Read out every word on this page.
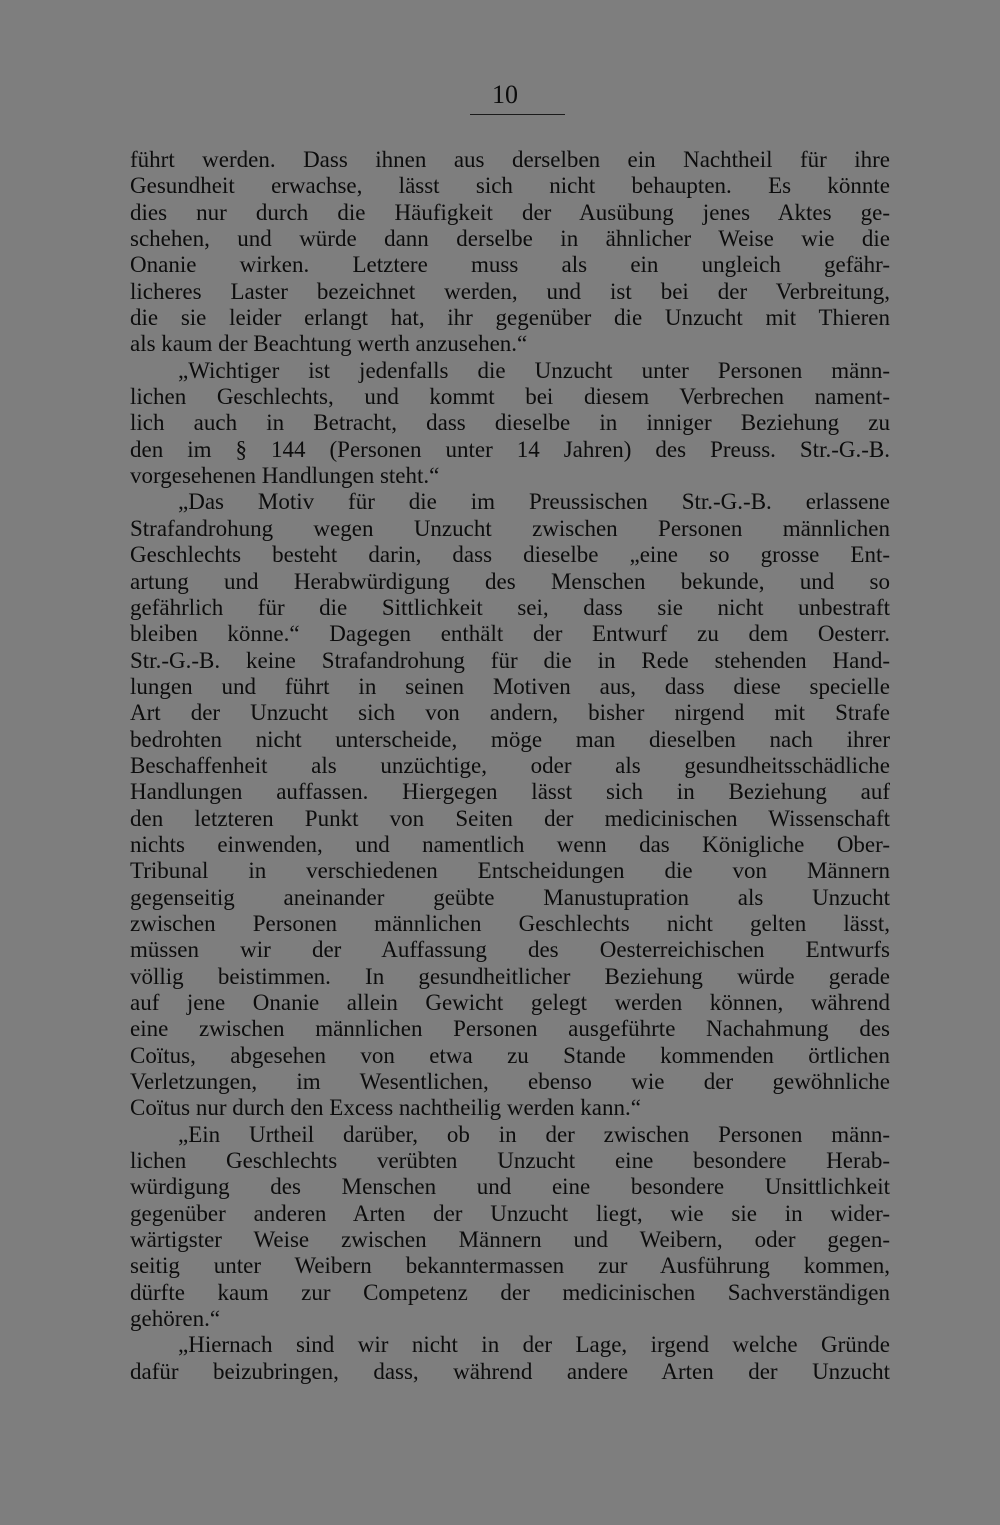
10
führt werden. Dass ihnen aus derselben ein Nachtheil für ihre
Gesundheit erwachse, lässt sich nicht behaupten. Es könnte
dies nur durch die Häufigkeit der Ausübung jenes Aktes ge-
schehen, und würde dann derselbe in ähnlicher Weise wie die
Onanie wirken. Letztere muss als ein ungleich gefähr-
licheres Laster bezeichnet werden, und ist bei der Verbreitung,
die sie leider erlangt hat, ihr gegenüber die Unzucht mit Thieren
als kaum der Beachtung werth anzusehen.“
„Wichtiger ist jedenfalls die Unzucht unter Personen männ-
lichen Geschlechts, und kommt bei diesem Verbrechen nament-
lich auch in Betracht, dass dieselbe in inniger Beziehung zu
den im § 144 (Personen unter 14 Jahren) des Preuss. Str.-G.-B.
vorgesehenen Handlungen steht.“
„Das Motiv für die im Preussischen Str.-G.-B. erlassene
Strafandrohung wegen Unzucht zwischen Personen männlichen
Geschlechts besteht darin, dass dieselbe „eine so grosse Ent-
artung und Herabwürdigung des Menschen bekunde, und so
gefährlich für die Sittlichkeit sei, dass sie nicht unbestraft
bleiben könne.“ Dagegen enthält der Entwurf zu dem Oesterr.
Str.-G.-B. keine Strafandrohung für die in Rede stehenden Hand-
lungen und führt in seinen Motiven aus, dass diese specielle
Art der Unzucht sich von andern, bisher nirgend mit Strafe
bedrohten nicht unterscheide, möge man dieselben nach ihrer
Beschaffenheit als unzüchtige, oder als gesundheitsschädliche
Handlungen auffassen. Hiergegen lässt sich in Beziehung auf
den letzteren Punkt von Seiten der medicinischen Wissenschaft
nichts einwenden, und namentlich wenn das Königliche Ober-
Tribunal in verschiedenen Entscheidungen die von Männern
gegenseitig aneinander geübte Manustupration als Unzucht
zwischen Personen männlichen Geschlechts nicht gelten lässt,
müssen wir der Auffassung des Oesterreichischen Entwurfs
völlig beistimmen. In gesundheitlicher Beziehung würde gerade
auf jene Onanie allein Gewicht gelegt werden können, während
eine zwischen männlichen Personen ausgeführte Nachahmung des
Coïtus, abgesehen von etwa zu Stande kommenden örtlichen
Verletzungen, im Wesentlichen, ebenso wie der gewöhnliche
Coïtus nur durch den Excess nachtheilig werden kann.“
„Ein Urtheil darüber, ob in der zwischen Personen männ-
lichen Geschlechts verübten Unzucht eine besondere Herab-
würdigung des Menschen und eine besondere Unsittlichkeit
gegenüber anderen Arten der Unzucht liegt, wie sie in wider-
wärtigster Weise zwischen Männern und Weibern, oder gegen-
seitig unter Weibern bekanntermassen zur Ausführung kommen,
dürfte kaum zur Competenz der medicinischen Sachverständigen
gehören.“
„Hiernach sind wir nicht in der Lage, irgend welche Gründe
dafür beizubringen, dass, während andere Arten der Unzucht
